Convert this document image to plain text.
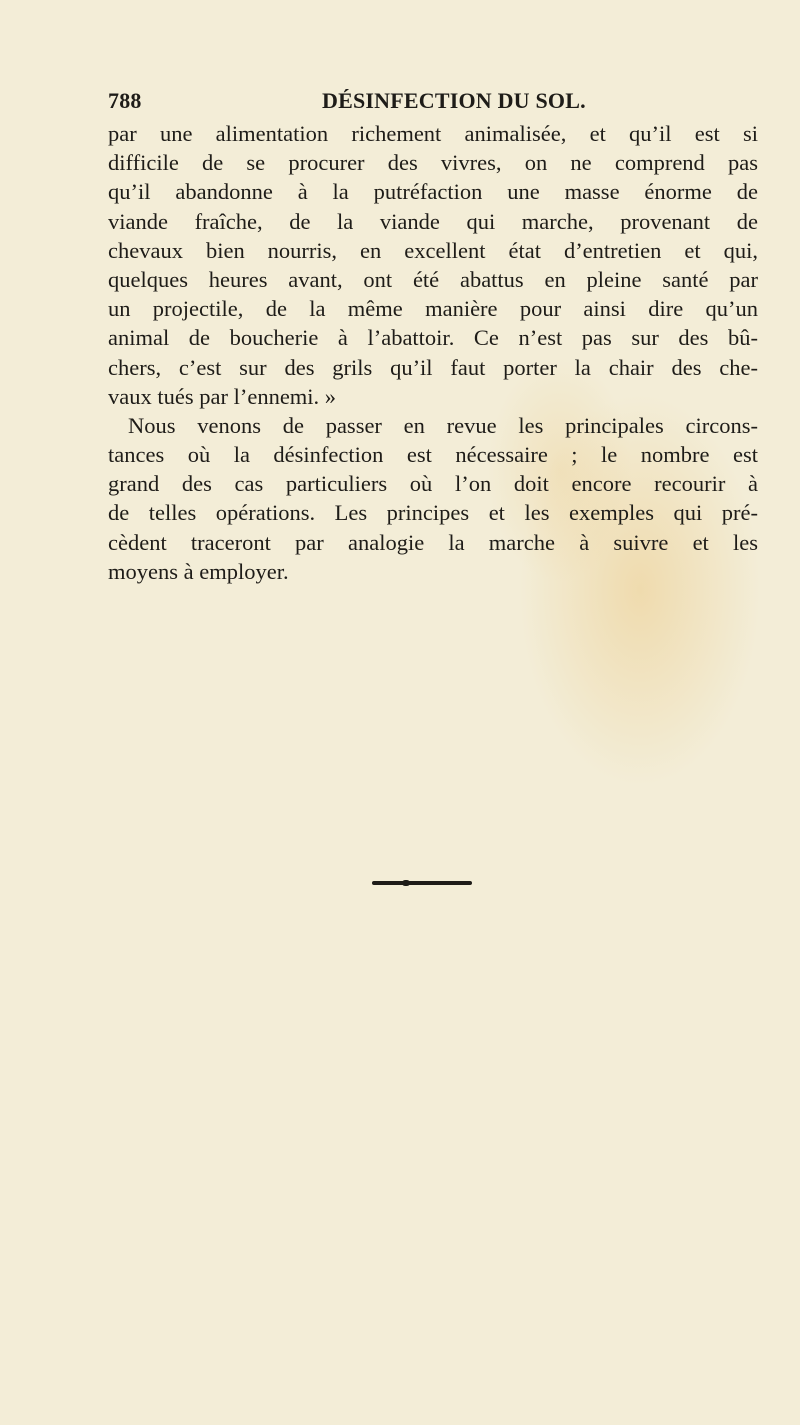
788	DÉSINFECTION DU SOL.
par une alimentation richement animalisée, et qu’il est si
difficile de se procurer des vivres, on ne comprend pas
qu’il abandonne à la putréfaction une masse énorme de
viande fraîche, de la viande qui marche, provenant de
chevaux bien nourris, en excellent état d’entretien et qui,
quelques heures avant, ont été abattus en pleine santé par
un projectile, de la même manière pour ainsi dire qu’un
animal de boucherie à l’abattoir. Ce n’est pas sur des bû-
chers, c’est sur des grils qu’il faut porter la chair des che-
vaux tués par l’ennemi. »
Nous venons de passer en revue les principales circons-
tances où la désinfection est nécessaire ; le nombre est
grand des cas particuliers où l’on doit encore recourir à
de telles opérations. Les principes et les exemples qui pré-
cèdent traceront par analogie la marche à suivre et les
moyens à employer.
